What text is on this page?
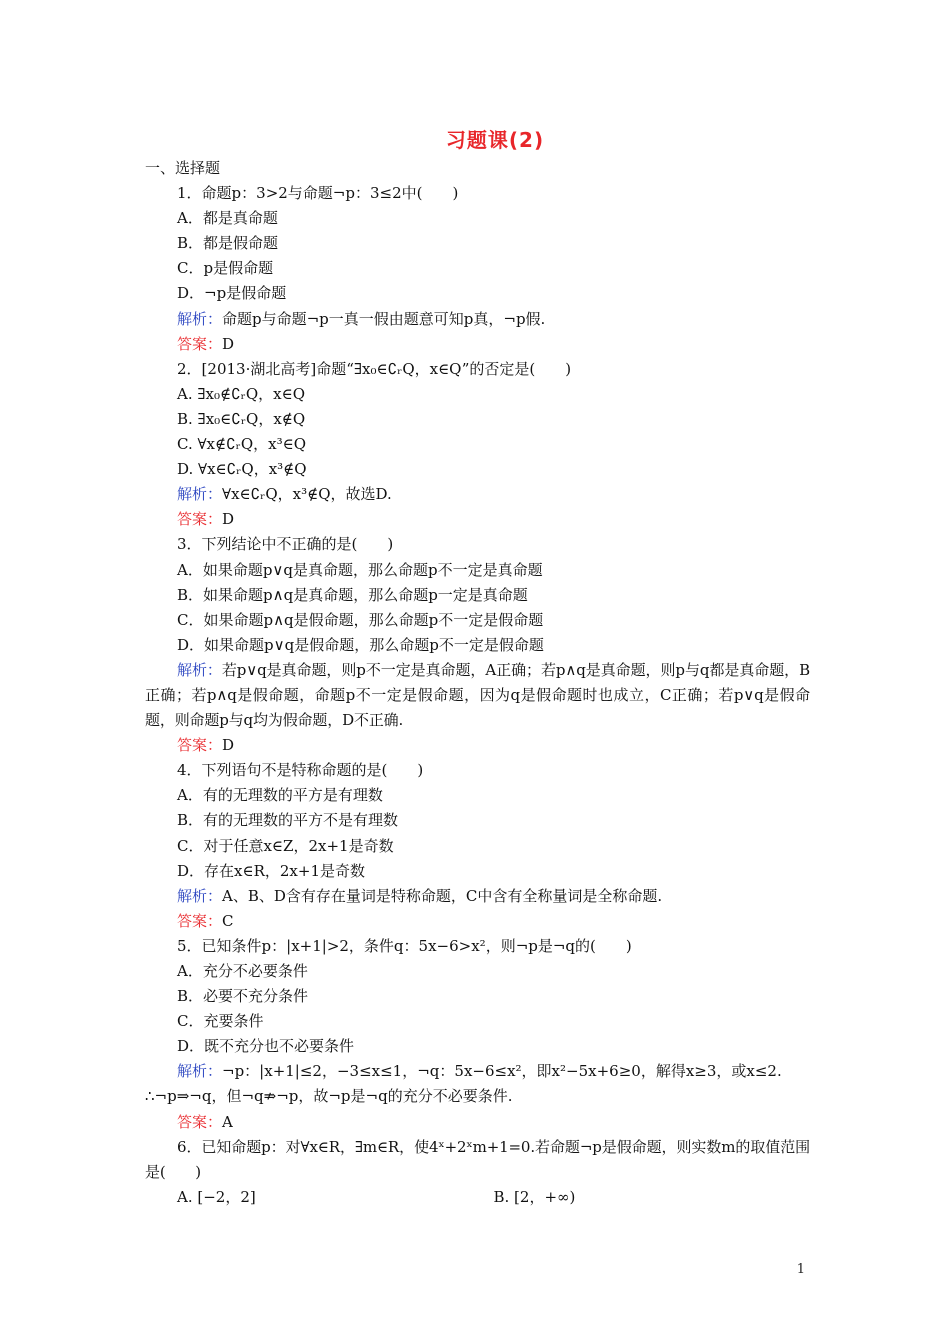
习题课(2)
一、选择题
1．命题p：3>2与命题¬p：3≤2中(　　)
A．都是真命题
B．都是假命题
C．p是假命题
D．¬p是假命题
解析：命题p与命题¬p一真一假由题意可知p真，¬p假.
答案：D
2．[2013·湖北高考]命题“∃x₀∈∁ᵣQ，x∈Q”的否定是(　　)
A. ∃x₀∉∁ᵣQ，x∈Q
B. ∃x₀∈∁ᵣQ，x∉Q
C. ∀x∉∁ᵣQ，x³∈Q
D. ∀x∈∁ᵣQ，x³∉Q
解析：∀x∈∁ᵣQ，x³∉Q，故选D.
答案：D
3．下列结论中不正确的是(　　)
A．如果命题p∨q是真命题，那么命题p不一定是真命题
B．如果命题p∧q是真命题，那么命题p一定是真命题
C．如果命题p∧q是假命题，那么命题p不一定是假命题
D．如果命题p∨q是假命题，那么命题p不一定是假命题
解析：若p∨q是真命题，则p不一定是真命题，A正确；若p∧q是真命题，则p与q都是真命题，B正确；若p∧q是假命题，命题p不一定是假命题，因为q是假命题时也成立，C正确；若p∨q是假命题，则命题p与q均为假命题，D不正确.
答案：D
4．下列语句不是特称命题的是(　　)
A．有的无理数的平方是有理数
B．有的无理数的平方不是有理数
C．对于任意x∈Z，2x+1是奇数
D．存在x∈R，2x+1是奇数
解析：A、B、D含有存在量词是特称命题，C中含有全称量词是全称命题.
答案：C
5．已知条件p：|x+1|>2，条件q：5x−6>x²，则¬p是¬q的(　　)
A．充分不必要条件
B．必要不充分条件
C．充要条件
D．既不充分也不必要条件
解析：¬p：|x+1|≤2，−3≤x≤1，¬q：5x−6≤x²，即x²−5x+6≥0，解得x≥3，或x≤2.
∴¬p⇒¬q，但¬q⇏¬p，故¬p是¬q的充分不必要条件.
答案：A
6．已知命题p：对∀x∈R，∃m∈R，使4ˣ+2ˣm+1=0.若命题¬p是假命题，则实数m的取值范围是(　　)
A. [−2，2]	B. [2，+∞)
1
